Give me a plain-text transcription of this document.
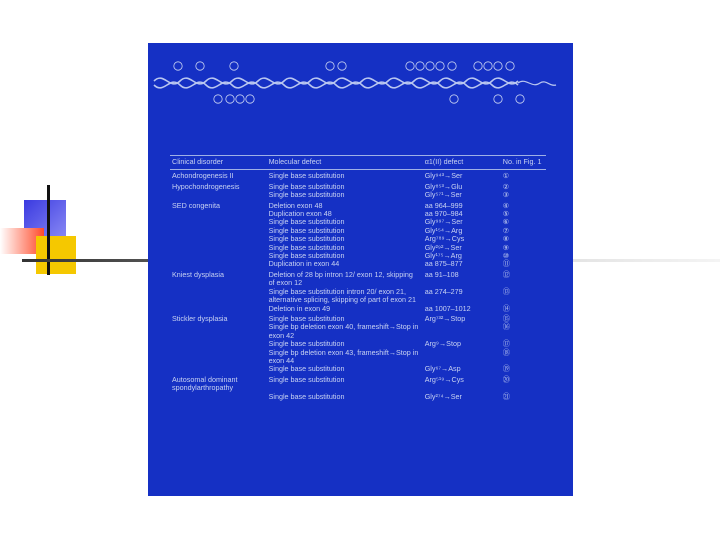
Clinical disorder	Molecular defect	α1(II) defect	No. in Fig. 1
Achondrogenesis II	Single base substitution	Gly⁹⁴³→Ser	①
Hypochondrogenesis	Single base substitution	Gly⁸⁵³→Glu	②
	Single base substitution	Gly⁵⁷¹→Ser	③
SED congenita	Deletion exon 48	aa 964–999	④
	Duplication exon 48	aa 970–984	⑤
	Single base substitution	Gly⁹⁹⁷→Ser	⑥
	Single base substitution	Gly¹⁵⁴→Arg	⑦
	Single base substitution	Arg⁷⁸⁹→Cys	⑧
	Single base substitution	Gly²⁹²→Ser	⑨
	Single base substitution	Gly¹⁷⁵→Arg	⑩
	Duplication in exon 44	aa 875–877	⑪
Kniest dysplasia	Deletion of 28 bp intron 12/ exon 12, skipping of exon 12	aa 91–108	⑫
	Single base substitution intron 20/ exon 21, alternative splicing, skipping of part of exon 21	aa 274–279	⑬
	Deletion in exon 49	aa 1007–1012	⑭
Stickler dysplasia	Single base substitution	Arg⁷³²→Stop	⑮
	Single bp deletion exon 40, frameshift→Stop in exon 42		⑯
	Single base substitution	Arg⁹→Stop	⑰
	Single bp deletion exon 43, frameshift→Stop in exon 44		⑱
	Single base substitution	Gly⁶⁷→Asp	⑲
Autosomal dominant spondylarthropathy	Single base substitution	Arg⁵¹⁹→Cys	⑳
	Single base substitution	Gly²⁷⁴→Ser	㉑
